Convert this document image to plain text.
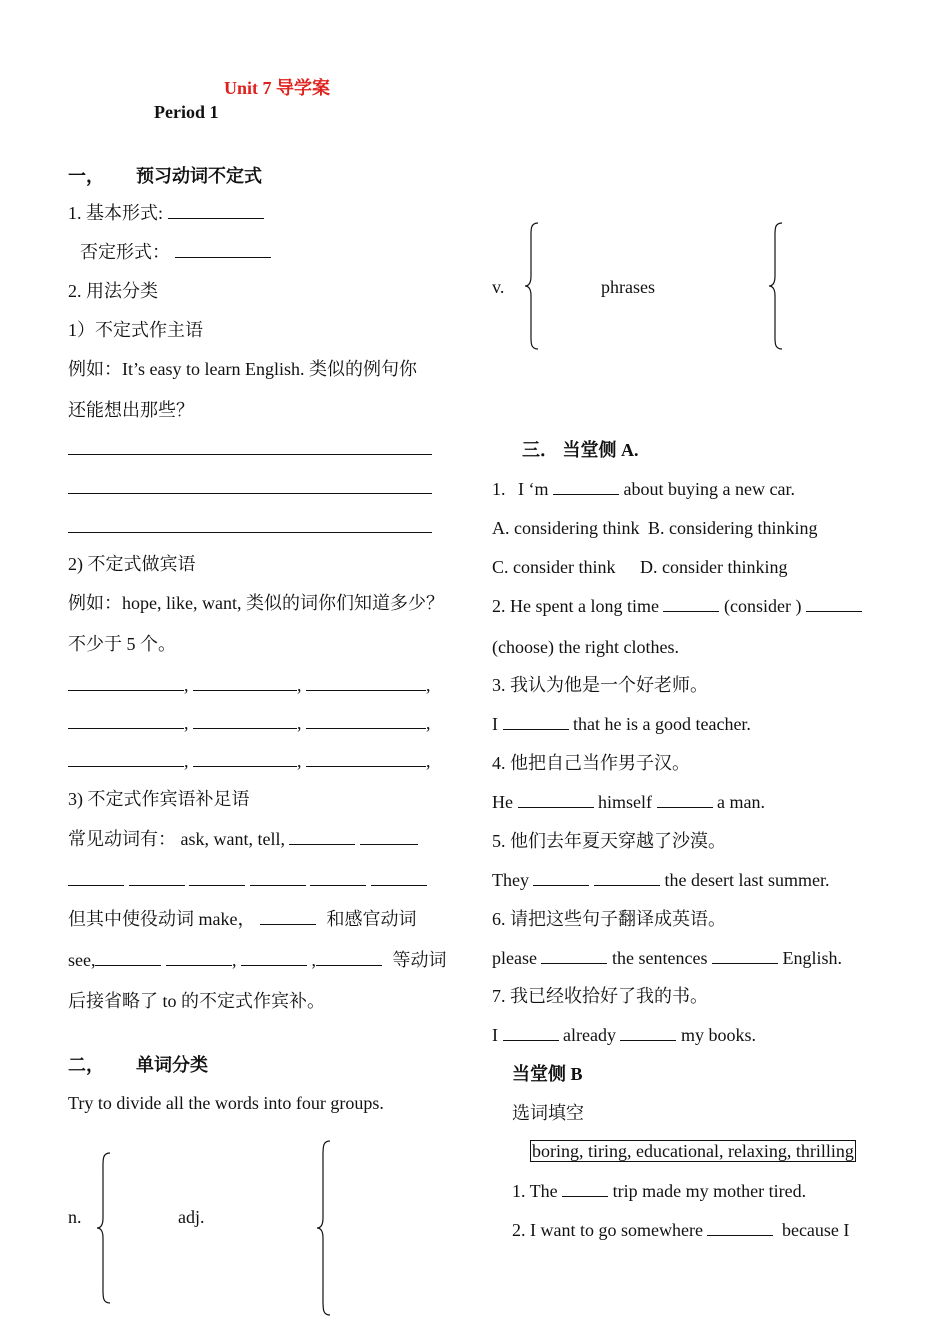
Unit 7 导学案
Period 1
一， 预习动词不定式
1. 基本形式:
否定形式：
2. 用法分类
1）不定式作主语
例如：It’s easy to learn English. 类似的例句你
还能想出那些？
2) 不定式做宾语
例如：hope, like, want, 类似的词你们知道多少？
不少于 5 个。
,	,	,
,	,	,
,	,	,
3) 不定式作宾语补足语
常见动词有： ask, want, tell,

但其中使役动词 make，	和感官动词
see,	,	,	等动词
后接省略了 to 的不定式作宾补。
二， 单词分类
Try to divide all the words into four groups.
n.	adj.
v.	phrases
三． 当堂侧 A.
1. I ‘m	about buying a new car.
A. considering think B. considering thinking
C. consider think D. consider thinking
2. He spent a long time	(consider )
(choose) the right clothes.
3. 我认为他是一个好老师。
I	that he is a good teacher.
4. 他把自己当作男子汉。
He	himself	a man.
5. 他们去年夏天穿越了沙漠。
They	the desert last summer.
6. 请把这些句子翻译成英语。
please	the sentences	English.
7. 我已经收拾好了我的书。
I	already	my books.
当堂侧 B
选词填空
boring, tiring, educational, relaxing, thrilling
1. The	trip made my mother tired.
2. I want to go somewhere	because I
